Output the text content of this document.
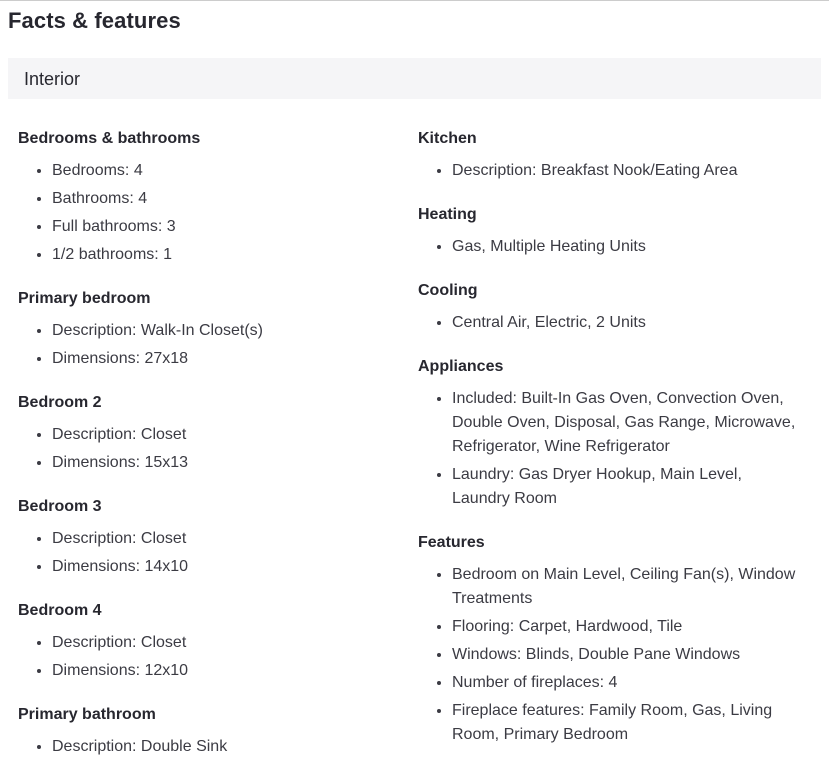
Facts & features
Interior
Bedrooms & bathrooms
• Bedrooms: 4
• Bathrooms: 4
• Full bathrooms: 3
• 1/2 bathrooms: 1
Primary bedroom
• Description: Walk-In Closet(s)
• Dimensions: 27x18
Bedroom 2
• Description: Closet
• Dimensions: 15x13
Bedroom 3
• Description: Closet
• Dimensions: 14x10
Bedroom 4
• Description: Closet
• Dimensions: 12x10
Primary bathroom
• Description: Double Sink
Kitchen
• Description: Breakfast Nook/Eating Area
Heating
• Gas, Multiple Heating Units
Cooling
• Central Air, Electric, 2 Units
Appliances
• Included: Built-In Gas Oven, Convection Oven, Double Oven, Disposal, Gas Range, Microwave, Refrigerator, Wine Refrigerator
• Laundry: Gas Dryer Hookup, Main Level, Laundry Room
Features
• Bedroom on Main Level, Ceiling Fan(s), Window Treatments
• Flooring: Carpet, Hardwood, Tile
• Windows: Blinds, Double Pane Windows
• Number of fireplaces: 4
• Fireplace features: Family Room, Gas, Living Room, Primary Bedroom
